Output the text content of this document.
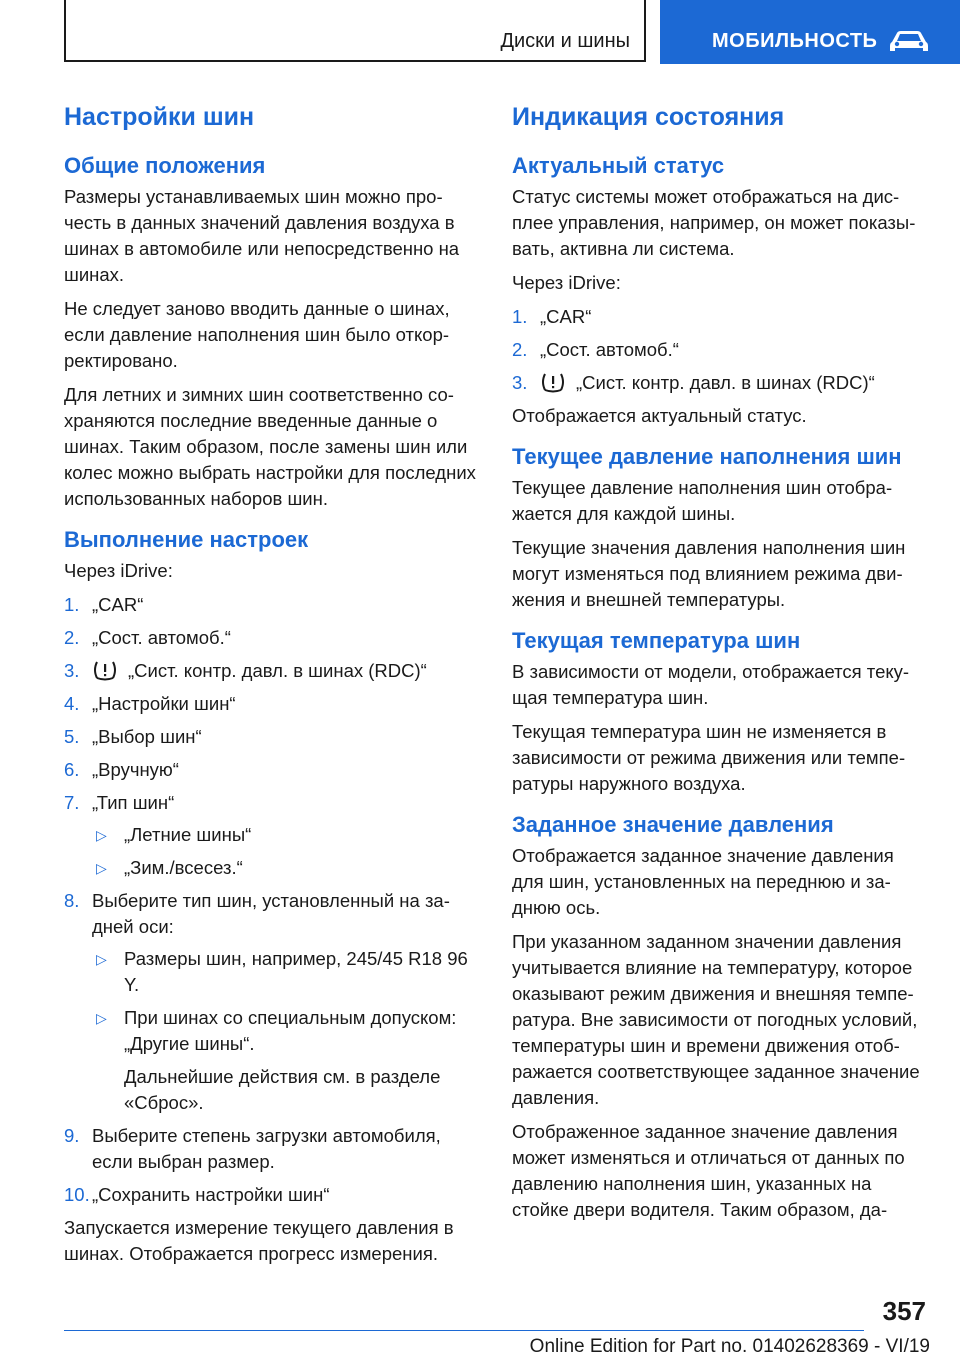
Диски и шины	МОБИЛЬНОСТЬ
Настройки шин
Общие положения

Размеры устанавливаемых шин можно прочесть в данных значений давления воздуха в шинах в автомобиле или непосредственно на шинах.

Не следует заново вводить данные о шинах, если давление наполнения шин было откорректировано.

Для летних и зимних шин соответственно сохраняются последние введенные данные о шинах. Таким образом, после замены шин или колес можно выбрать настройки для последних использованных наборов шин.

Выполнение настроек

Через iDrive:

1. „CAR“
2. „Сост. автомоб.“
3.	„Сист. контр. давл. в шинах (RDC)“
4. „Настройки шин“
5. „Выбор шин“
6. „Вручную“
7. „Тип шин“
▷ „Летние шины“
▷ „Зим./всесез.“
8. Выберите тип шин, установленный на задней оси:
▷ Размеры шин, например, 245/45 R18 96 Y.
▷ При шинах со специальным допуском: „Другие шины“.
Дальнейшие действия см. в разделе «Сброс».
9. Выберите степень загрузки автомобиля, если выбран размер.
10. „Сохранить настройки шин“

Запускается измерение текущего давления в шинах. Отображается прогресс измерения.

Индикация состояния
Актуальный статус

Статус системы может отображаться на дисплее управления, например, он может показывать, активна ли система.

Через iDrive:

1. „CAR“
2. „Сост. автомоб.“
3.	„Сист. контр. давл. в шинах (RDC)“

Отображается актуальный статус.

Текущее давление наполнения шин

Текущее давление наполнения шин отображается для каждой шины.

Текущие значения давления наполнения шин могут изменяться под влиянием режима движения и внешней температуры.

Текущая температура шин

В зависимости от модели, отображается текущая температура шин.

Текущая температура шин не изменяется в зависимости от режима движения или температуры наружного воздуха.

Заданное значение давления

Отображается заданное значение давления для шин, установленных на переднюю и заднюю ось.

При указанном заданном значении давления учитывается влияние на температуру, которое оказывают режим движения и внешняя температура. Вне зависимости от погодных условий, температуры шин и времени движения отображается соответствующее заданное значение давления.

Отображенное заданное значение давления может изменяться и отличаться от данных по давлению наполнения шин, указанных на стойке двери водителя. Таким образом, да-

357
Online Edition for Part no. 01402628369 - VI/19
